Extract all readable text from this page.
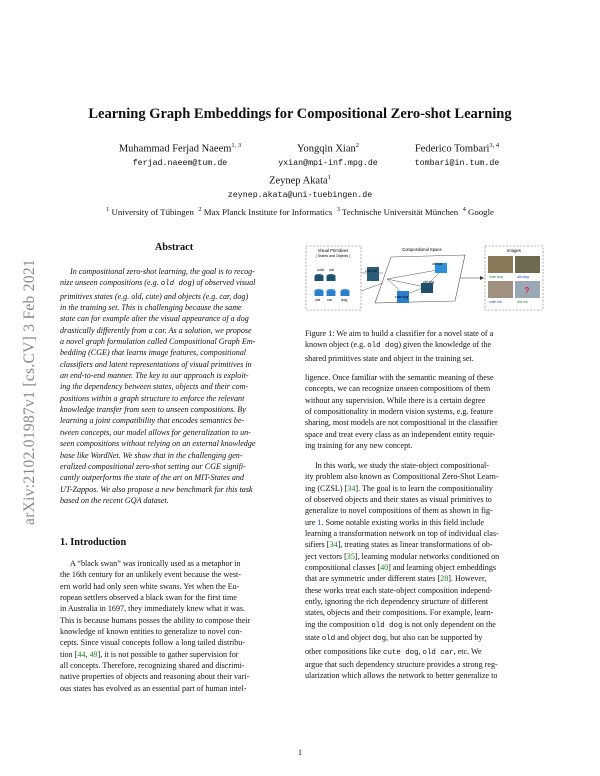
arXiv:2102.01987v1 [cs.CV] 3 Feb 2021
Learning Graph Embeddings for Compositional Zero-shot Learning
Muhammad Ferjad Naeem$^{1, 3}$
ferjad.naeem@tum.de
Yongqin Xian$^2$
yxian@mpi-inf.mpg.de
Federico Tombari$^{3, 4}$
tombari@in.tum.de
Zeynep Akata$^1$
zeynep.akata@uni-tuebingen.de
$^1$ University of Tübingen $^2$ Max Planck Institute for Informatics $^3$ Technische Universität München $^4$ Google
Abstract
In compositional zero-shot learning, the goal is to recog-
nize unseen compositions (e.g. old dog) of observed visual
primitives states (e.g. old, cute) and objects (e.g. car, dog)
in the training set. This is challenging because the same
state can for example alter the visual appearance of a dog
drastically differently from a car. As a solution, we propose
a novel graph formulation called Compositional Graph Em-
bedding (CGE) that learns image features, compositional
classifiers and latent representations of visual primitives in
an end-to-end manner. The key to our approach is exploit-
ing the dependency between states, objects and their com-
positions within a graph structure to enforce the relevant
knowledge transfer from seen to unseen compositions. By
learning a joint compatibility that encodes semantics be-
tween concepts, our model allows for generalization to un-
seen compositions without relying on an external knowledge
base like WordNet. We show that in the challenging gen-
eralized compositional zero-shot setting our CGE signifi-
cantly outperforms the state of the art on MIT-States and
UT-Zappos. We also propose a new benchmark for this task
based on the recent GQA dataset.
1. Introduction
A “black swan” was ironically used as a metaphor in
the 16th century for an unlikely event because the west-
ern world had only seen white swans. Yet when the Eu-
ropean settlers observed a black swan for the first time
in Australia in 1697, they immediately knew what it was.
This is because humans posses the ability to compose their
knowledge of known entities to generalize to novel con-
cepts. Since visual concepts follow a long tailed distribu-
tion [44, 49], it is not possible to gather supervision for
all concepts. Therefore, recognizing shared and discrimi-
native properties of objects and reasoning about their vari-
ous states has evolved as an essential part of human intel-
Visual Primitives
( States and Objects )
cute old
cat car dog
Compositional Space
cute cat
old car
old dog
cute dog
Images
cute dog	old dog
?
cute cat	old car
Figure 1: We aim to build a classifier for a novel state of a
known object (e.g. old dog) given the knowledge of the
shared primitives state and object in the training set.
ligence. Once familiar with the semantic meaning of these
concepts, we can recognize unseen compositions of them
without any supervision. While there is a certain degree
of compositionality in modern vision systems, e.g. feature
sharing, most models are not compositional in the classifier
space and treat every class as an independent entity requir-
ing training for any new concept.
In this work, we study the state-object compositional-
ity problem also known as Compositional Zero-Shot Learn-
ing (CZSL) [34]. The goal is to learn the compositionality
of observed objects and their states as visual primitives to
generalize to novel compositions of them as shown in fig-
ure 1. Some notable existing works in this field include
learning a transformation network on top of individual clas-
sifiers [34], treating states as linear transformations of ob-
ject vectors [35], learning modular networks conditioned on
compositional classes [40] and learning object embeddings
that are symmetric under different states [28]. However,
these works treat each state-object composition independ-
ently, ignoring the rich dependency structure of different
states, objects and their compositions. For example, learn-
ing the composition old dog is not only dependent on the
state old and object dog, but also can be supported by
other compositions like cute dog, old car, etc. We
argue that such dependency structure provides a strong reg-
ularization which allows the network to better generalize to
1
